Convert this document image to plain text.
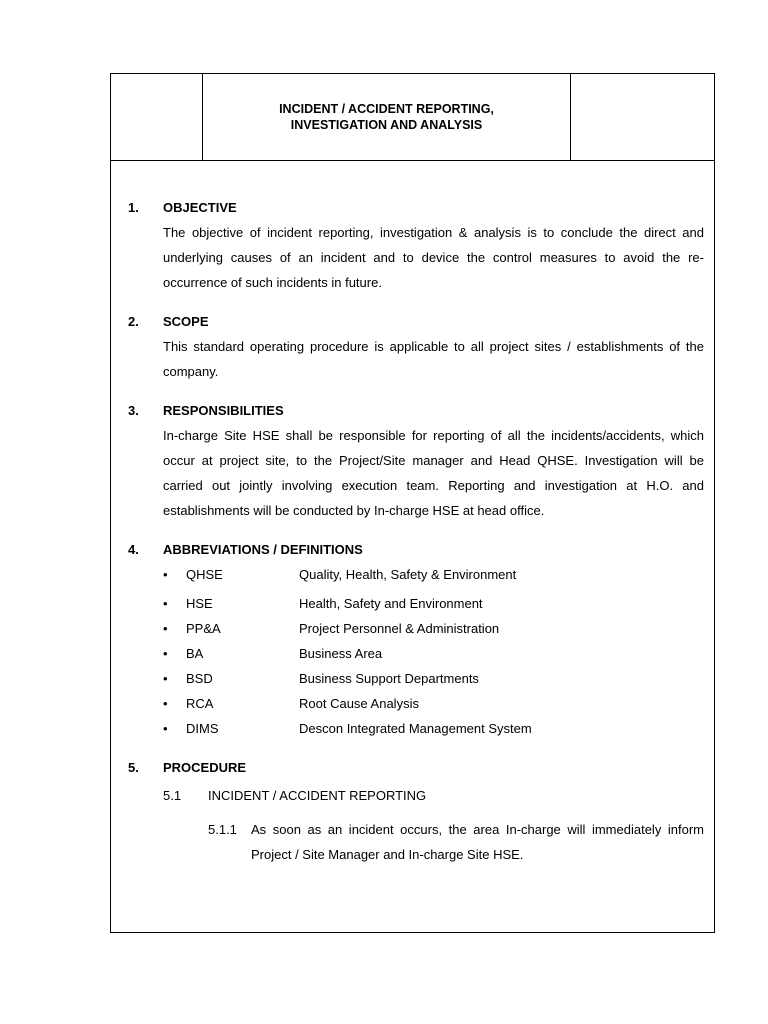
INCIDENT / ACCIDENT REPORTING,
INVESTIGATION AND ANALYSIS
1.	OBJECTIVE
The objective of incident reporting, investigation & analysis is to conclude the direct and underlying causes of an incident and to device the control measures to avoid the re-occurrence of such incidents in future.
2.	SCOPE
This standard operating procedure is applicable to all project sites / establishments of the company.
3.	RESPONSIBILITIES
In-charge Site HSE shall be responsible for reporting of all the incidents/accidents, which occur at project site, to the Project/Site manager and Head QHSE. Investigation will be carried out jointly involving execution team. Reporting and investigation at H.O. and establishments will be conducted by In-charge HSE at head office.
4.	ABBREVIATIONS / DEFINITIONS
•	QHSE	Quality, Health, Safety & Environment
•	HSE	Health, Safety and Environment
•	PP&A	Project Personnel & Administration
•	BA	Business Area
•	BSD	Business Support Departments
•	RCA	Root Cause Analysis
•	DIMS	Descon Integrated Management System
5.	PROCEDURE
5.1	INCIDENT / ACCIDENT REPORTING
5.1.1	As soon as an incident occurs, the area In-charge will immediately inform Project / Site Manager and In-charge Site HSE.
